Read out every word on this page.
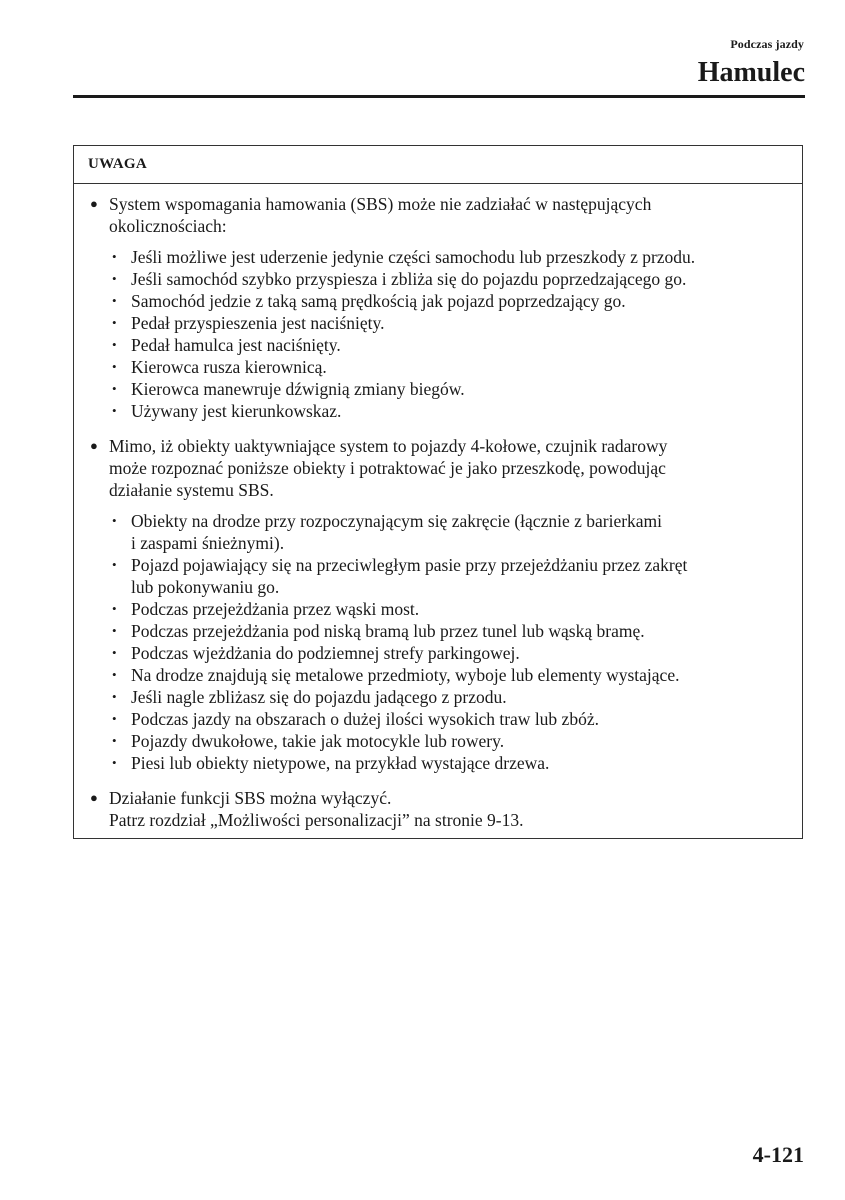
Podczas jazdy
Hamulec
UWAGA
● System wspomagania hamowania (SBS) może nie zadziałać w następujących
okolicznościach:
• Jeśli możliwe jest uderzenie jedynie części samochodu lub przeszkody z przodu.
• Jeśli samochód szybko przyspiesza i zbliża się do pojazdu poprzedzającego go.
• Samochód jedzie z taką samą prędkością jak pojazd poprzedzający go.
• Pedał przyspieszenia jest naciśnięty.
• Pedał hamulca jest naciśnięty.
• Kierowca rusza kierownicą.
• Kierowca manewruje dźwignią zmiany biegów.
• Używany jest kierunkowskaz.
● Mimo, iż obiekty uaktywniające system to pojazdy 4-kołowe, czujnik radarowy
może rozpoznać poniższe obiekty i potraktować je jako przeszkodę, powodując
działanie systemu SBS.
• Obiekty na drodze przy rozpoczynającym się zakręcie (łącznie z barierkami
i zaspami śnieżnymi).
• Pojazd pojawiający się na przeciwległym pasie przy przejeżdżaniu przez zakręt
lub pokonywaniu go.
• Podczas przejeżdżania przez wąski most.
• Podczas przejeżdżania pod niską bramą lub przez tunel lub wąską bramę.
• Podczas wjeżdżania do podziemnej strefy parkingowej.
• Na drodze znajdują się metalowe przedmioty, wyboje lub elementy wystające.
• Jeśli nagle zbliżasz się do pojazdu jadącego z przodu.
• Podczas jazdy na obszarach o dużej ilości wysokich traw lub zbóż.
• Pojazdy dwukołowe, takie jak motocykle lub rowery.
• Piesi lub obiekty nietypowe, na przykład wystające drzewa.
● Działanie funkcji SBS można wyłączyć.
Patrz rozdział „Możliwości personalizacji” na stronie 9-13.
4-121
